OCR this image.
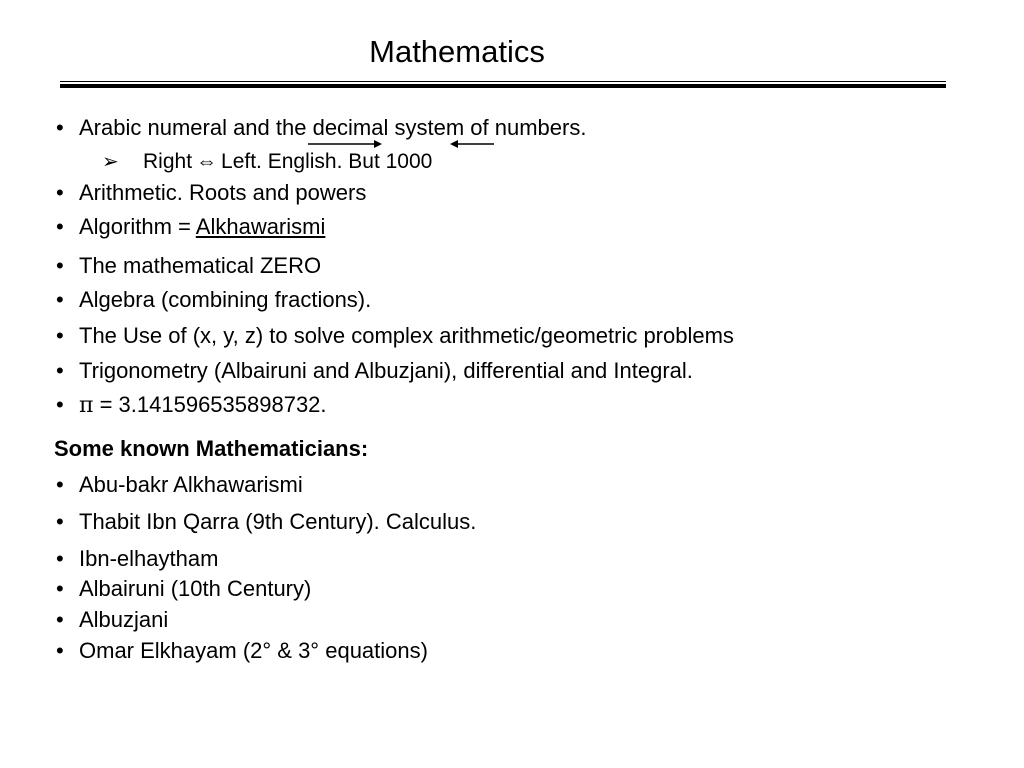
Mathematics
• Arabic numeral and the decimal system of numbers.
➢ Right ⇔ Left. English. But 1000
• Arithmetic. Roots and powers
• Algorithm = Alkhawarismi
• The mathematical ZERO
• Algebra (combining fractions).
• The Use of (x, y, z) to solve complex arithmetic/geometric problems
• Trigonometry (Albairuni and Albuzjani), differential and Integral.
• π = 3.141596535898732.
Some known Mathematicians:
• Abu-bakr Alkhawarismi
• Thabit Ibn Qarra (9th Century). Calculus.
• Ibn-elhaytham
• Albairuni (10th Century)
• Albuzjani
• Omar Elkhayam (2° & 3° equations)
